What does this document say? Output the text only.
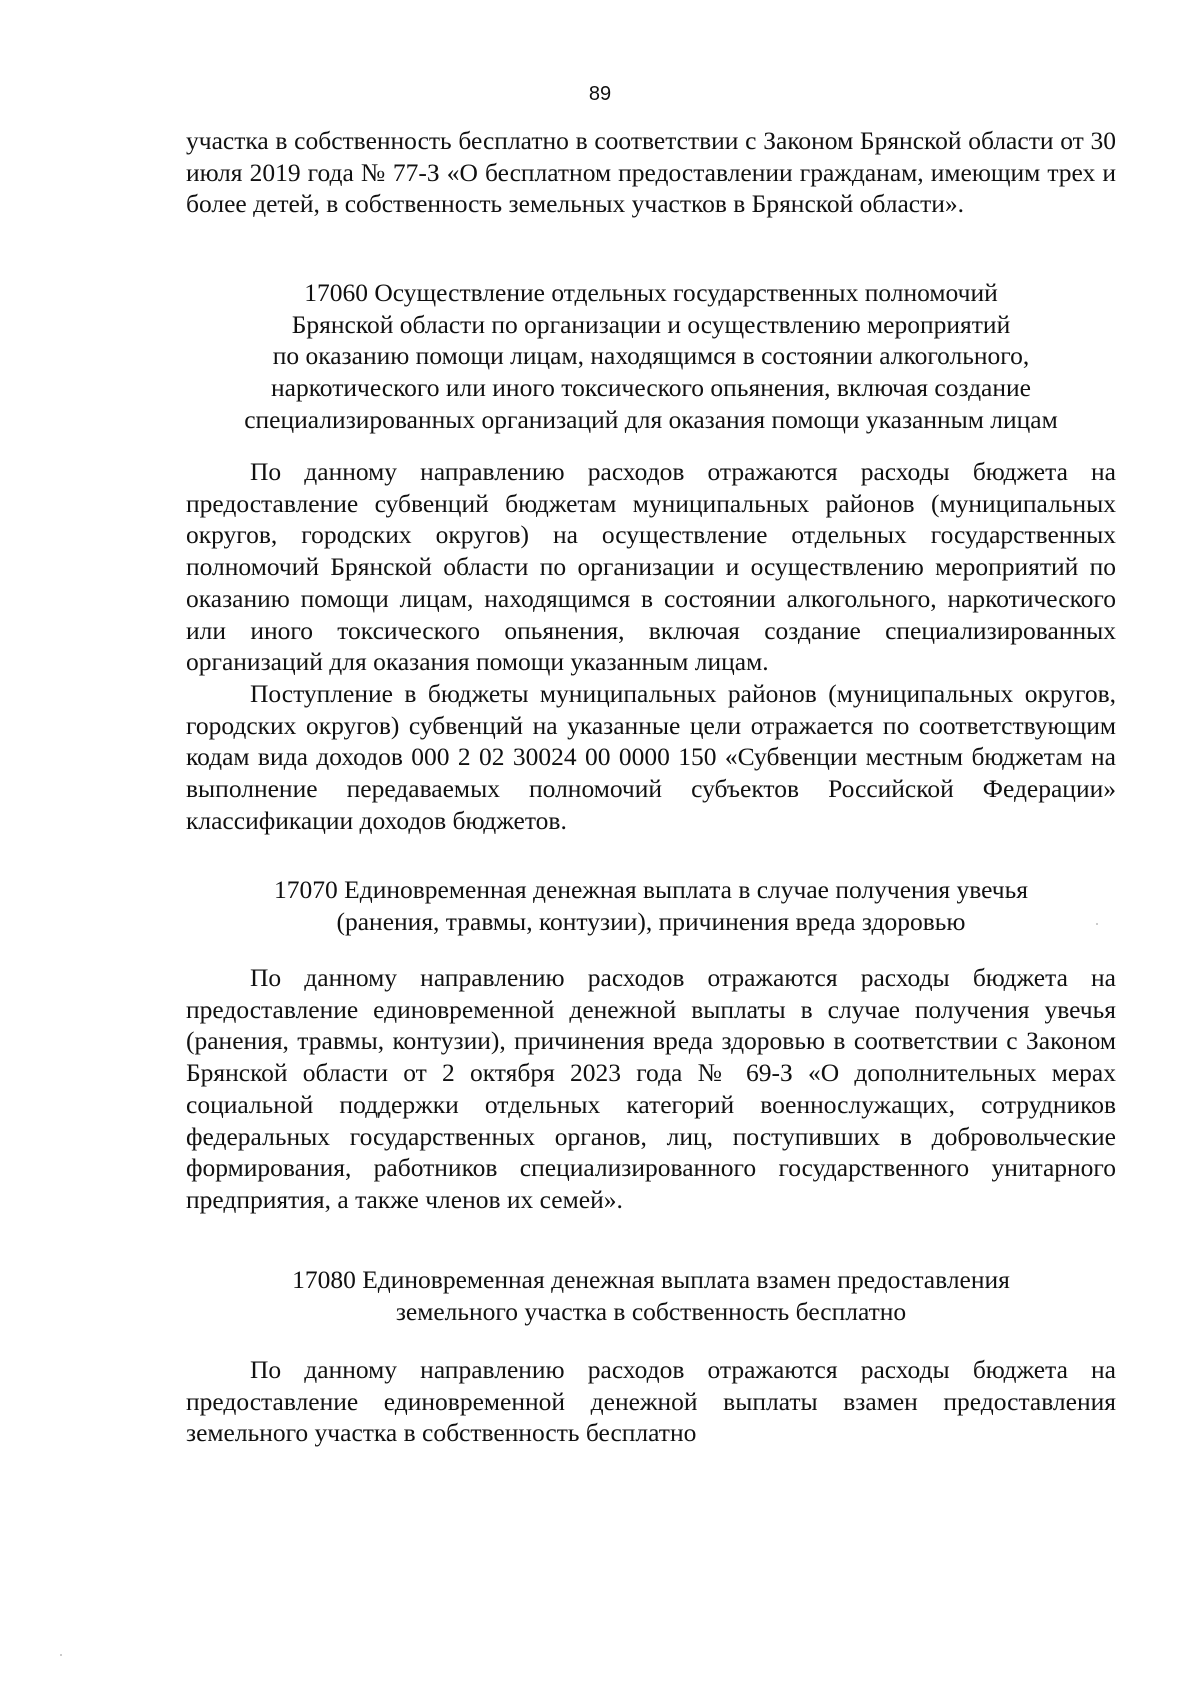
89

участка в собственность бесплатно в соответствии с Законом Брянской области от 30 июля 2019 года № 77-З «О бесплатном предоставлении гражданам, имеющим трех и более детей, в собственность земельных участков в Брянской области».

17060 Осуществление отдельных государственных полномочий
Брянской области по организации и осуществлению мероприятий
по оказанию помощи лицам, находящимся в состоянии алкогольного,
наркотического или иного токсического опьянения, включая создание
специализированных организаций для оказания помощи указанным лицам

По данному направлению расходов отражаются расходы бюджета на предоставление субвенций бюджетам муниципальных районов (муниципальных округов, городских округов) на осуществление отдельных государственных полномочий Брянской области по организации и осуществлению мероприятий по оказанию помощи лицам, находящимся в состоянии алкогольного, наркотического или иного токсического опьянения, включая создание специализированных организаций для оказания помощи указанным лицам.

Поступление в бюджеты муниципальных районов (муниципальных округов, городских округов) субвенций на указанные цели отражается по соответствующим кодам вида доходов 000 2 02 30024 00 0000 150 «Субвенции местным бюджетам на выполнение передаваемых полномочий субъектов Российской Федерации» классификации доходов бюджетов.

17070 Единовременная денежная выплата в случае получения увечья
(ранения, травмы, контузии), причинения вреда здоровью

По данному направлению расходов отражаются расходы бюджета на предоставление единовременной денежной выплаты в случае получения увечья (ранения, травмы, контузии), причинения вреда здоровью в соответствии с Законом Брянской области от 2 октября 2023 года № 69-З «О дополнительных мерах социальной поддержки отдельных категорий военнослужащих, сотрудников федеральных государственных органов, лиц, поступивших в добровольческие формирования, работников специализированного государственного унитарного предприятия, а также членов их семей».

17080 Единовременная денежная выплата взамен предоставления
земельного участка в собственность бесплатно

По данному направлению расходов отражаются расходы бюджета на предоставление единовременной денежной выплаты взамен предоставления земельного участка в собственность бесплатно
